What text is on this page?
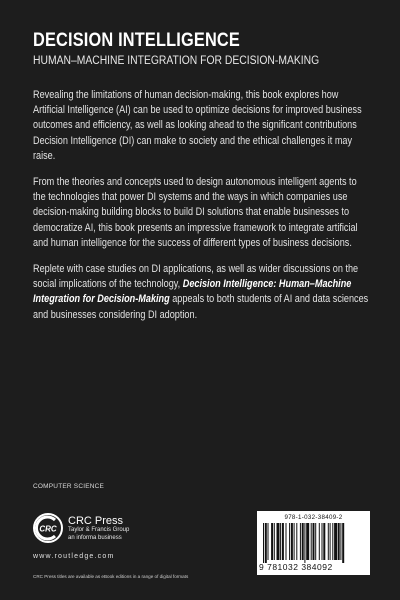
DECISION INTELLIGENCE
HUMAN–MACHINE INTEGRATION FOR DECISION-MAKING

Revealing the limitations of human decision-making, this book explores how Artificial Intelligence (AI) can be used to optimize decisions for improved business outcomes and efficiency, as well as looking ahead to the significant contributions Decision Intelligence (DI) can make to society and the ethical challenges it may raise.

From the theories and concepts used to design autonomous intelligent agents to the technologies that power DI systems and the ways in which companies use decision-making building blocks to build DI solutions that enable businesses to democratize AI, this book presents an impressive framework to integrate artificial and human intelligence for the success of different types of business decisions.

Replete with case studies on DI applications, as well as wider discussions on the social implications of the technology, Decision Intelligence: Human–Machine Integration for Decision-Making appeals to both students of AI and data sciences and businesses considering DI adoption.

COMPUTER SCIENCE
CRC
CRC Press
Taylor & Francis Group
an informa business
www.routledge.com
CRC Press titles are available as eBook editions in a range of digital formats
978-1-032-38409-2
9 781032 384092
